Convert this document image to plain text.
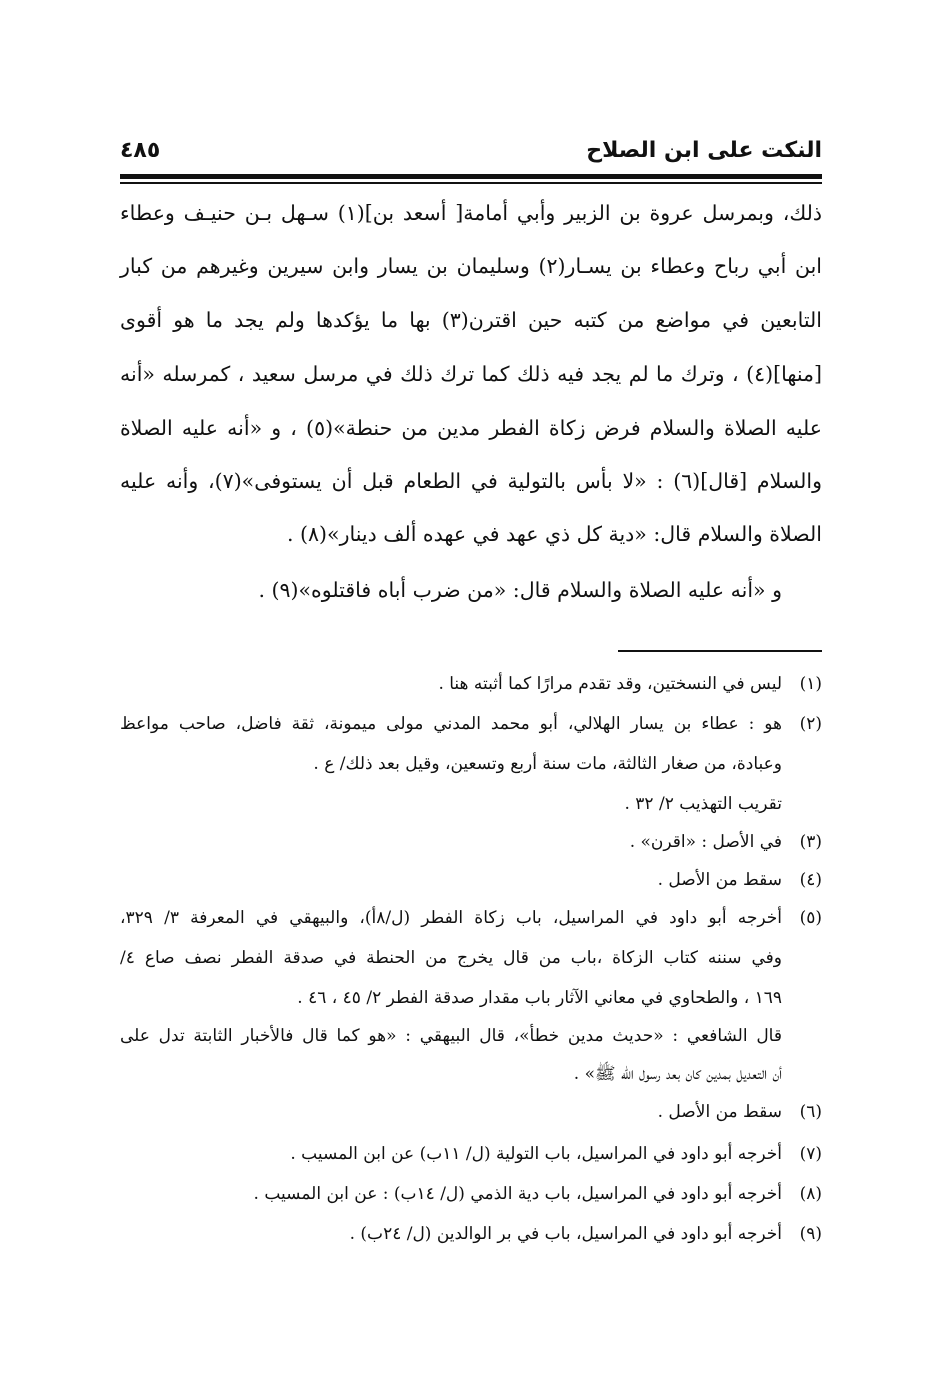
النكت على ابن الصلاح
٤٨٥
ذلك، وبمرسل عروة بن الزبير وأبي أمامة[ أسعد بن](١) سـهل بـن حنيـف وعطاء
ابن أبي رباح وعطاء بن يسـار(٢) وسليمان بن يسار وابن سيرين وغيرهم من كبار
التابعين في مواضع من كتبه حين اقترن(٣) بها ما يؤكدها ولم يجد ما هو أقوى
[منها](٤) ، وترك ما لم يجد فيه ذلك كما ترك ذلك في مرسل سعيد ، كمرسله «أنه
عليه الصلاة والسلام فرض زكاة الفطر مدين من حنطة»(٥) ، و «أنه عليه الصلاة
والسلام [قال](٦) : «لا بأس بالتولية في الطعام قبل أن يستوفى»(٧)، وأنه عليه
الصلاة والسلام قال: «دية كل ذي عهد في عهده ألف دينار»(٨) .
و «أنه عليه الصلاة والسلام قال: «من ضرب أباه فاقتلوه»(٩) .
(١)ليس في النسختين، وقد تقدم مرارًا كما أثبته هنا .
(٢)هو : عطاء بن يسار الهلالي، أبو محمد المدني مولى ميمونة، ثقة فاضل، صاحب مواعظ
وعبادة، من صغار الثالثة، مات سنة أربع وتسعين، وقيل بعد ذلك/ ع .
تقريب التهذيب ٢/ ٣٢ .
(٣)في الأصل : «اقرن» .
(٤)سقط من الأصل .
(٥)أخرجه أبو داود في المراسيل، باب زكاة الفطر (ل/٨أ)، والبيهقي في المعرفة ٣/ ٣٢٩،
وفي سننه كتاب الزكاة ،باب من قال يخرج من الحنطة في صدقة الفطر نصف صاع ٤/
١٦٩ ، والطحاوي في معاني الآثار باب مقدار صدقة الفطر ٢/ ٤٥ ، ٤٦ .
قال الشافعي : «حديث مدين خطأ»، قال البيهقي : «هو كما قال فالأخبار الثابتة تدل على
أن التعديل بمدين كان بعد رسول الله ﷺ» .
(٦)سقط من الأصل .
(٧)أخرجه أبو داود في المراسيل، باب التولية (ل/ ١١ب) عن ابن المسيب .
(٨)أخرجه أبو داود في المراسيل، باب دية الذمي (ل/ ١٤ب) : عن ابن المسيب .
(٩)أخرجه أبو داود في المراسيل، باب في بر الوالدين (ل/ ٢٤ب) .
